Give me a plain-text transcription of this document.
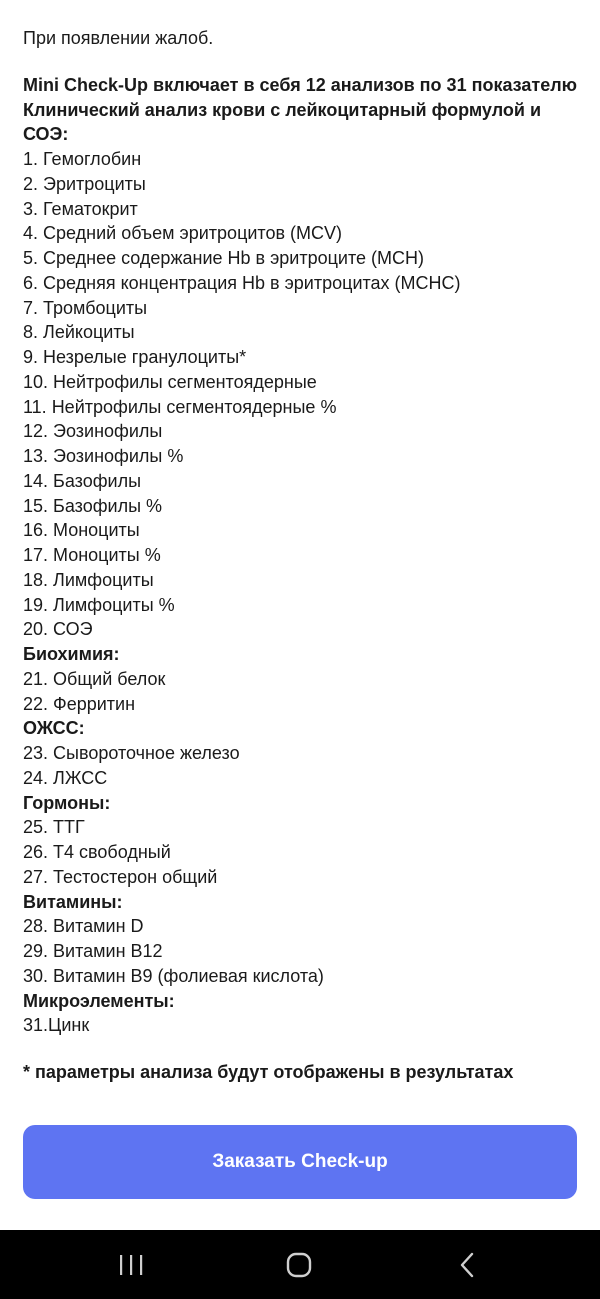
При появлении жалоб.
Mini Check-Up включает в себя 12 анализов по 31 показателю
Клинический анализ крови с лейкоцитарный формулой и СОЭ:
1. Гемоглобин
2. Эритроциты
3. Гематокрит
4. Средний объем эритроцитов (MCV)
5. Среднее содержание Hb в эритроците (MCH)
6. Средняя концентрация Hb в эритроцитах (MCHC)
7. Тромбоциты
8. Лейкоциты
9. Незрелые гранулоциты*
10. Нейтрофилы сегментоядерные
11. Нейтрофилы сегментоядерные %
12. Эозинофилы
13. Эозинофилы %
14. Базофилы
15. Базофилы %
16. Моноциты
17. Моноциты %
18. Лимфоциты
19. Лимфоциты %
20. СОЭ
Биохимия:
21. Общий белок
22. Ферритин
ОЖСС:
23. Сывороточное железо
24. ЛЖСС
Гормоны:
25. ТТГ
26. Т4 свободный
27. Тестостерон общий
Витамины:
28. Витамин D
29. Витамин B12
30. Витамин B9 (фолиевая кислота)
Микроэлементы:
31.Цинк
* параметры анализа будут отображены в результатах
Заказать Check-up
